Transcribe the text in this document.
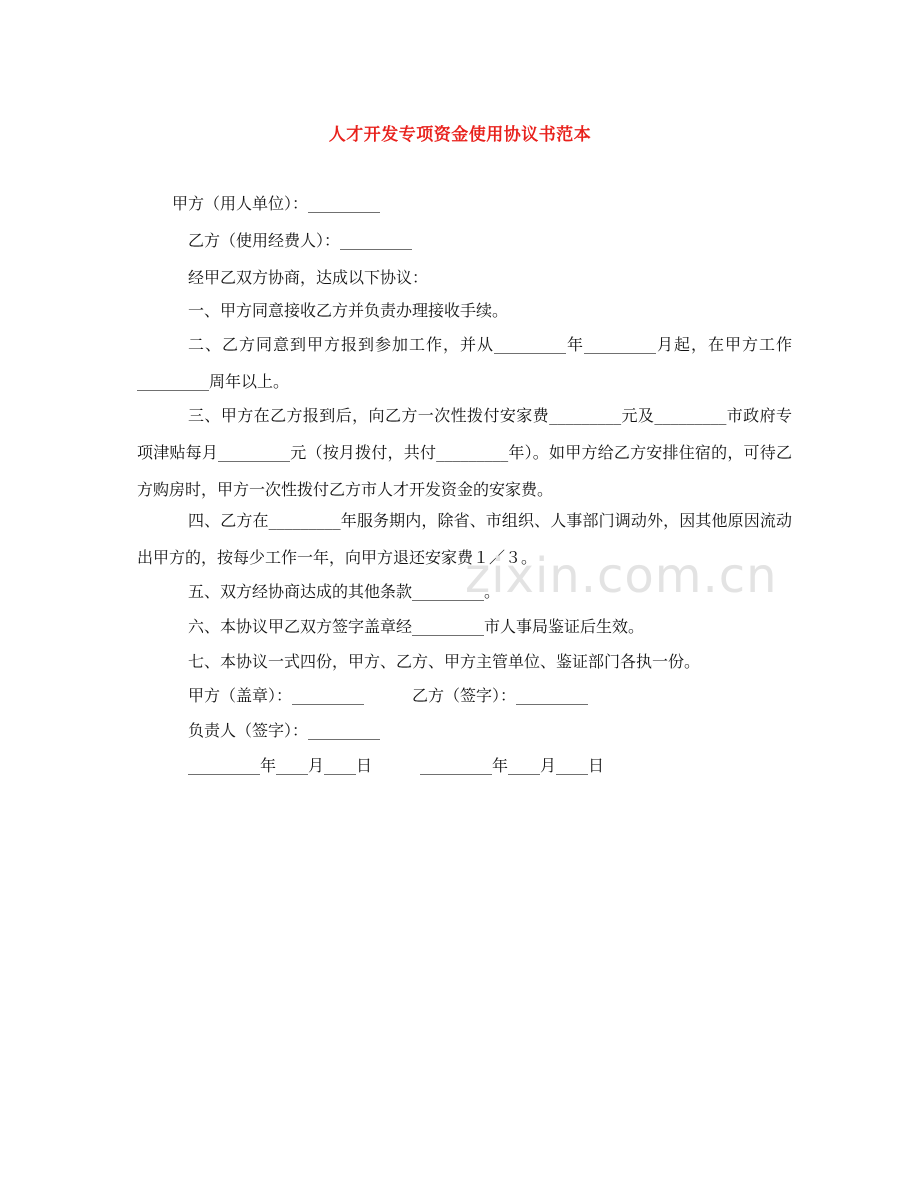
人才开发专项资金使用协议书范本

甲方（用人单位）：_________

乙方（使用经费人）：_________

经甲乙双方协商，达成以下协议：

一、甲方同意接收乙方并负责办理接收手续。

二、乙方同意到甲方报到参加工作，并从_________年_________月起，在甲方工作_________周年以上。

三、甲方在乙方报到后，向乙方一次性拨付安家费_________元及_________市政府专项津贴每月_________元（按月拨付，共付_________年）。如甲方给乙方安排住宿的，可待乙方购房时，甲方一次性拨付乙方市人才开发资金的安家费。

四、乙方在_________年服务期内，除省、市组织、人事部门调动外，因其他原因流动出甲方的，按每少工作一年，向甲方退还安家费１／３。

五、双方经协商达成的其他条款_________。

六、本协议甲乙双方签字盖章经_________市人事局鉴证后生效。

七、本协议一式四份，甲方、乙方、甲方主管单位、鉴证部门各执一份。

甲方（盖章）：_________　　　乙方（签字）：_________

负责人（签字）：_________

_________年____月____日　　　_________年____月____日

zixin.com.cn
